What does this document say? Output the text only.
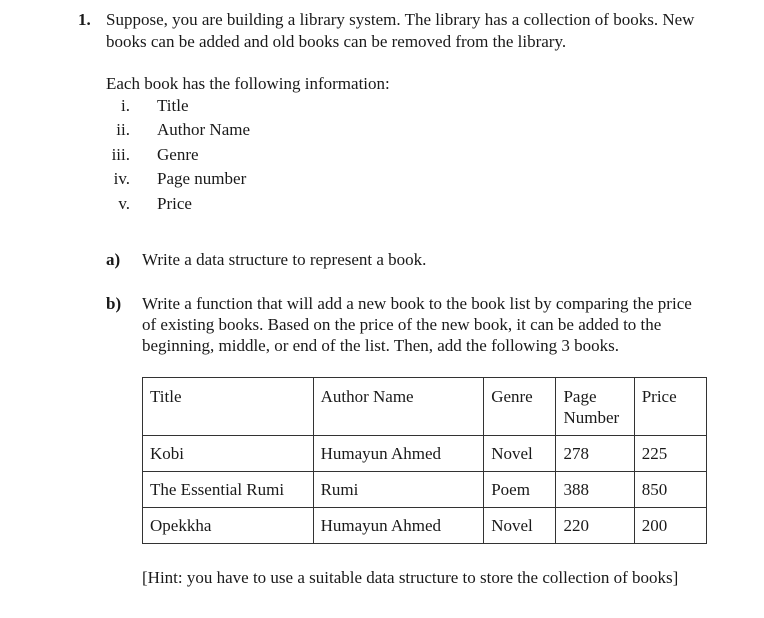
1. Suppose, you are building a library system. The library has a collection of books. New
books can be added and old books can be removed from the library.
Each book has the following information:
i. Title
ii. Author Name
iii. Genre
iv. Page number
v. Price
a) Write a data structure to represent a book.
b) Write a function that will add a new book to the book list by comparing the price
of existing books. Based on the price of the new book, it can be added to the
beginning, middle, or end of the list. Then, add the following 3 books.
Title	Author Name	Genre	Page Number	Price
Kobi	Humayun Ahmed	Novel	278	225
The Essential Rumi	Rumi	Poem	388	850
Opekkha	Humayun Ahmed	Novel	220	200
[Hint: you have to use a suitable data structure to store the collection of books]
